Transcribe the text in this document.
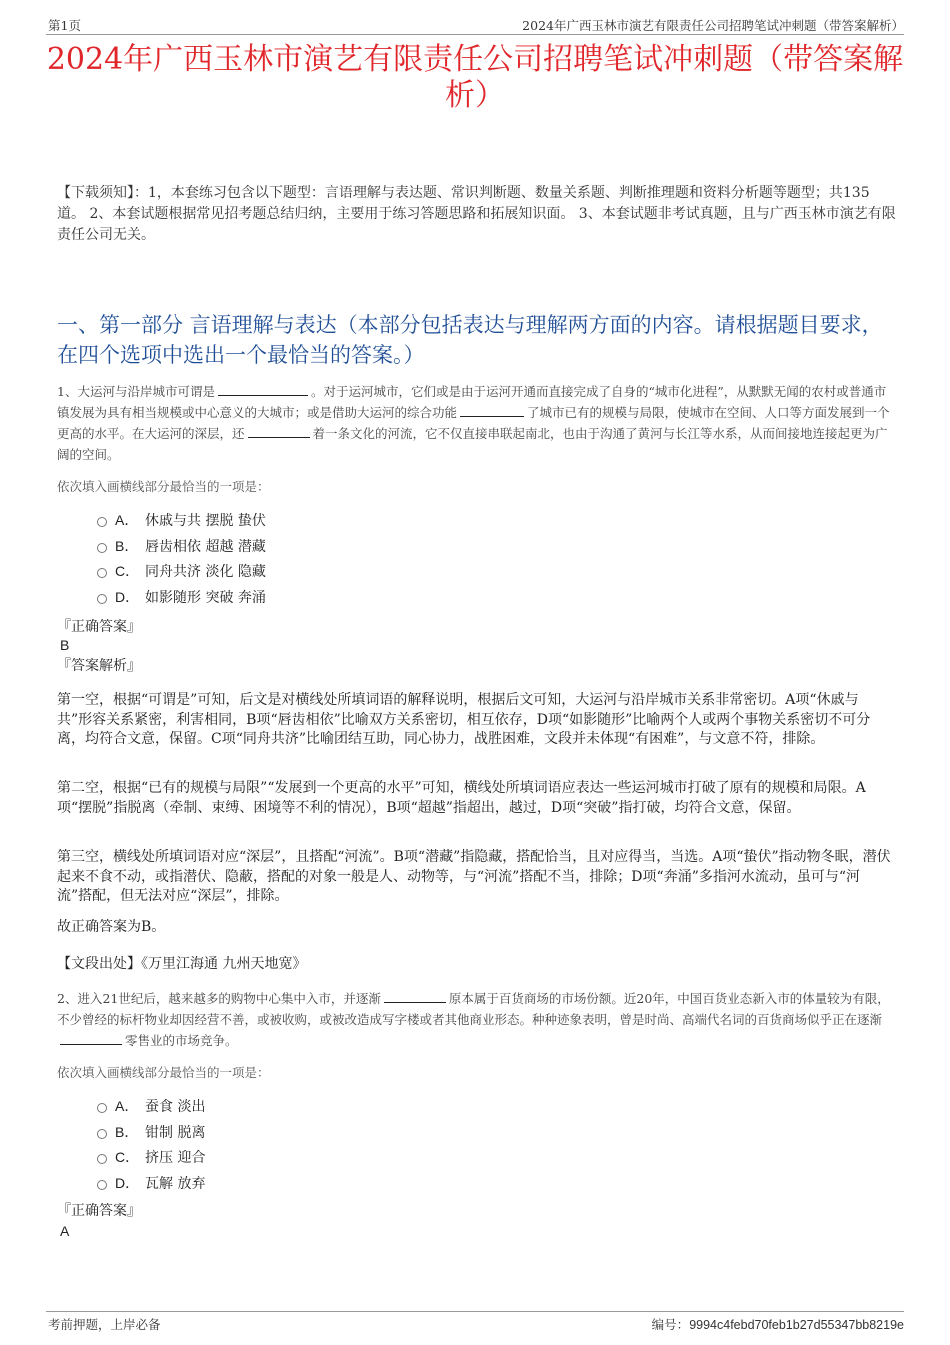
第1页	2024年广西玉林市演艺有限责任公司招聘笔试冲刺题（带答案解析）
2024年广西玉林市演艺有限责任公司招聘笔试冲刺题（带答案解析）
【下载须知】：1，本套练习包含以下题型：言语理解与表达题、常识判断题、数量关系题、判断推理题和资料分析题等题型；共135道。 2、本套试题根据常见招考题总结归纳，主要用于练习答题思路和拓展知识面。 3、本套试题非考试真题，且与广西玉林市演艺有限责任公司无关。
一、第一部分 言语理解与表达（本部分包括表达与理解两方面的内容。请根据题目要求，在四个选项中选出一个最恰当的答案。）
1、大运河与沿岸城市可谓是	。对于运河城市，它们或是由于运河开通而直接完成了自身的“城市化进程”，从默默无闻的农村或普通市镇发展为具有相当规模或中心意义的大城市；或是借助大运河的综合功能	了城市已有的规模与局限，使城市在空间、人口等方面发展到一个更高的水平。在大运河的深层，还	着一条文化的河流，它不仅直接串联起南北，也由于沟通了黄河与长江等水系，从而间接地连接起更为广阔的空间。
依次填入画横线部分最恰当的一项是：
A． 休戚与共 摆脱 蛰伏
B． 唇齿相依 超越 潜藏
C． 同舟共济 淡化 隐藏
D． 如影随形 突破 奔涌
『正确答案』
B
『答案解析』
第一空，根据“可谓是”可知，后文是对横线处所填词语的解释说明，根据后文可知，大运河与沿岸城市关系非常密切。A项“休戚与共”形容关系紧密，利害相同，B项“唇齿相依”比喻双方关系密切，相互依存，D项“如影随形”比喻两个人或两个事物关系密切不可分离，均符合文意，保留。C项“同舟共济”比喻团结互助，同心协力，战胜困难，文段并未体现“有困难”，与文意不符，排除。
第二空，根据“已有的规模与局限”“发展到一个更高的水平”可知，横线处所填词语应表达一些运河城市打破了原有的规模和局限。A项“摆脱”指脱离（牵制、束缚、困境等不利的情况），B项“超越”指超出，越过，D项“突破”指打破，均符合文意，保留。
第三空，横线处所填词语对应“深层”，且搭配“河流”。B项“潜藏”指隐藏，搭配恰当，且对应得当，当选。A项“蛰伏”指动物冬眠，潜伏起来不食不动，或指潜伏、隐蔽，搭配的对象一般是人、动物等，与“河流”搭配不当，排除；D项“奔涌”多指河水流动，虽可与“河流”搭配，但无法对应“深层”，排除。
故正确答案为B。
【文段出处】《万里江海通 九州天地宽》
2、进入21世纪后，越来越多的购物中心集中入市，并逐渐	原本属于百货商场的市场份额。近20年，中国百货业态新入市的体量较为有限，不少曾经的标杆物业却因经营不善，或被收购，或被改造成写字楼或者其他商业形态。种种迹象表明，曾是时尚、高端代名词的百货商场似乎正在逐渐零售业的市场竞争。
依次填入画横线部分最恰当的一项是：
A． 蚕食 淡出
B． 钳制 脱离
C． 挤压 迎合
D． 瓦解 放弃
『正确答案』
A
考前押题，上岸必备	编号：9994c4febd70feb1b27d55347bb8219e
